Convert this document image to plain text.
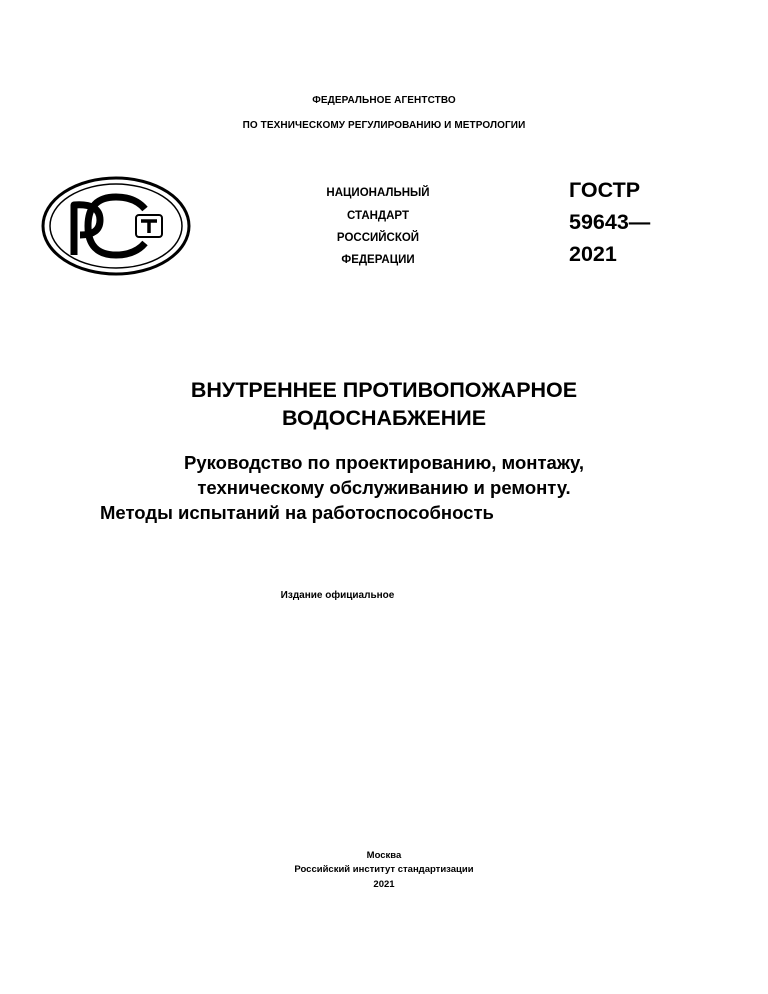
ФЕДЕРАЛЬНОЕ АГЕНТСТВО
ПО ТЕХНИЧЕСКОМУ РЕГУЛИРОВАНИЮ И МЕТРОЛОГИИ
НАЦИОНАЛЬНЫЙ
СТАНДАРТ
РОССИЙСКОЙ
ФЕДЕРАЦИИ
ГОСТР
59643—
2021
ВНУТРЕННЕЕ ПРОТИВОПОЖАРНОЕ
ВОДОСНАБЖЕНИЕ
Руководство по проектированию, монтажу,
техническому обслуживанию и ремонту.
Методы испытаний на работоспособность
Издание официальное
Москва
Российский институт стандартизации
2021
